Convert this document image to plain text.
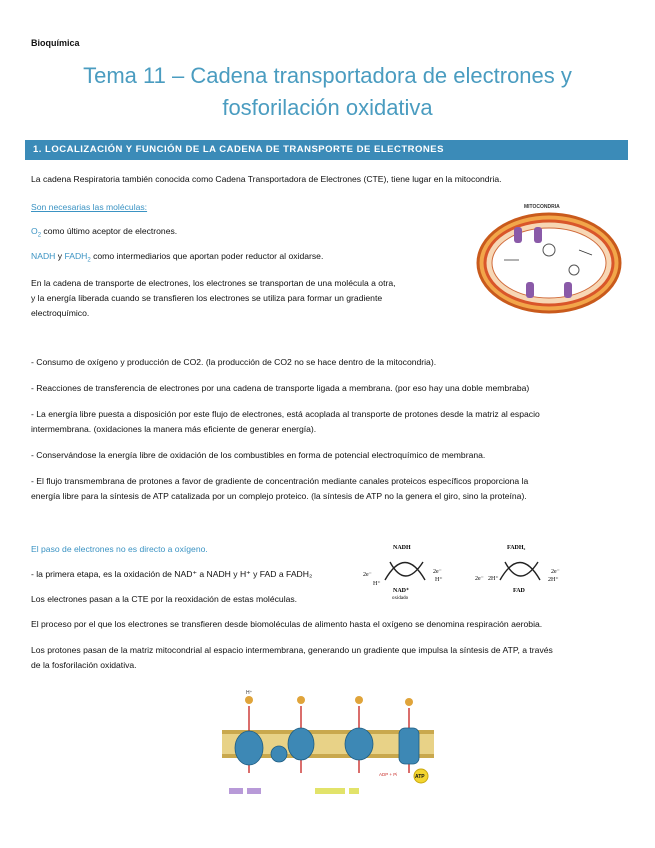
Bioquímica
Tema 11 – Cadena transportadora de electrones y
fosforilación oxidativa
1. LOCALIZACIÓN Y FUNCIÓN DE LA CADENA DE TRANSPORTE DE ELECTRONES
La cadena Respiratoria también conocida como Cadena Transportadora de Electrones (CTE), tiene lugar en la mitocondria.
Son necesarias las moléculas:
$O_2$ como último aceptor de electrones.
NADH y $FADH_2$ como intermediarios que aportan poder reductor al oxidarse.
En la cadena de transporte de electrones, los electrones se transportan de una molécula a otra,
y la energía liberada cuando se transfieren los electrones se utiliza para formar un gradiente
electroquímico.
MITOCONDRIA
- Consumo de oxígeno y producción de CO2. (la producción de CO2 no se hace dentro de la mitocondria).
- Reacciones de transferencia de electrones por una cadena de transporte ligada a membrana. (por eso hay una doble membraba)
- La energía libre puesta a disposición por este flujo de electrones, está acoplada al transporte de protones desde la matriz al espacio
intermembrana. (oxidaciones la manera más eficiente de generar energía).
- Conservándose la energía libre de oxidación de los combustibles en forma de potencial electroquímico de membrana.
- El flujo transmembrana de protones a favor de gradiente de concentración mediante canales proteicos específicos proporciona la
energía libre para la síntesis de ATP catalizada por un complejo proteico. (la síntesis de ATP no la genera el giro, sino la proteína).
El paso de electrones no es directo a oxígeno.
- la primera etapa, es la oxidación de NAD⁺ a NADH y H⁺ y FAD a FADH₂
Los electrones pasan a la CTE por la reoxidación de estas moléculas.
El proceso por el que los electrones se transfieren desde biomoléculas de alimento hasta el oxígeno se denomina respiración aerobia.
Los protones pasan de la matriz mitocondrial al espacio intermembrana, generando un gradiente que impulsa la síntesis de ATP, a través
de la fosforilación oxidativa.
NADH
NAD⁺
oxidado
2e⁻
H⁺
2e⁻
H⁺
FADH₂
FAD
2e⁻ 2H⁺
2e⁻
2H⁺
H⁺
ATP
ADP + Pi
